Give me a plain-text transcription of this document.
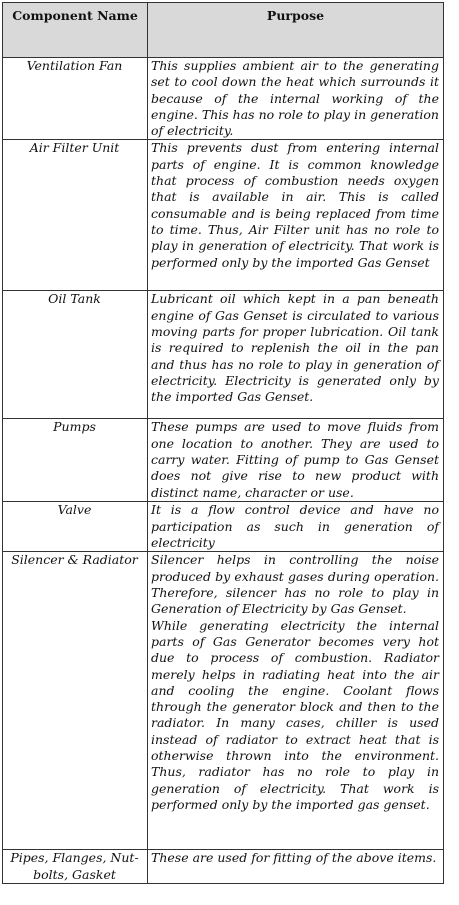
Component Name	Purpose
Ventilation Fan	This supplies ambient air to the generating set to cool down the heat which surrounds it because of the internal working of the engine. This has no role to play in generation of electricity.

Air Filter Unit	This prevents dust from entering internal parts of engine. It is common knowledge that process of combustion needs oxygen that is available in air. This is called consumable and is being replaced from time to time. Thus, Air Filter unit has no role to play in generation of electricity. That work is performed only by the imported Gas Genset

Oil Tank	Lubricant oil which kept in a pan beneath engine of Gas Genset is circulated to various moving parts for proper lubrication. Oil tank is required to replenish the oil in the pan and thus has no role to play in generation of electricity. Electricity is generated only by the imported Gas Genset.

Pumps	These pumps are used to move fluids from one location to another. They are used to carry water. Fitting of pump to Gas Genset does not give rise to new product with distinct name, character or use.

Valve	It is a flow control device and have no participation as such in generation of electricity

Silencer & Radiator	Silencer helps in controlling the noise produced by exhaust gases during operation. Therefore, silencer has no role to play in Generation of Electricity by Gas Genset.

While generating electricity the internal parts of Gas Generator becomes very hot due to process of combustion. Radiator merely helps in radiating heat into the air and cooling the engine. Coolant flows through the generator block and then to the radiator. In many cases, chiller is used instead of radiator to extract heat that is otherwise thrown into the environment. Thus, radiator has no role to play in generation of electricity. That work is performed only by the imported gas genset.

Pipes, Flanges, Nut-bolts, Gasket	These are used for fitting of the above items.
